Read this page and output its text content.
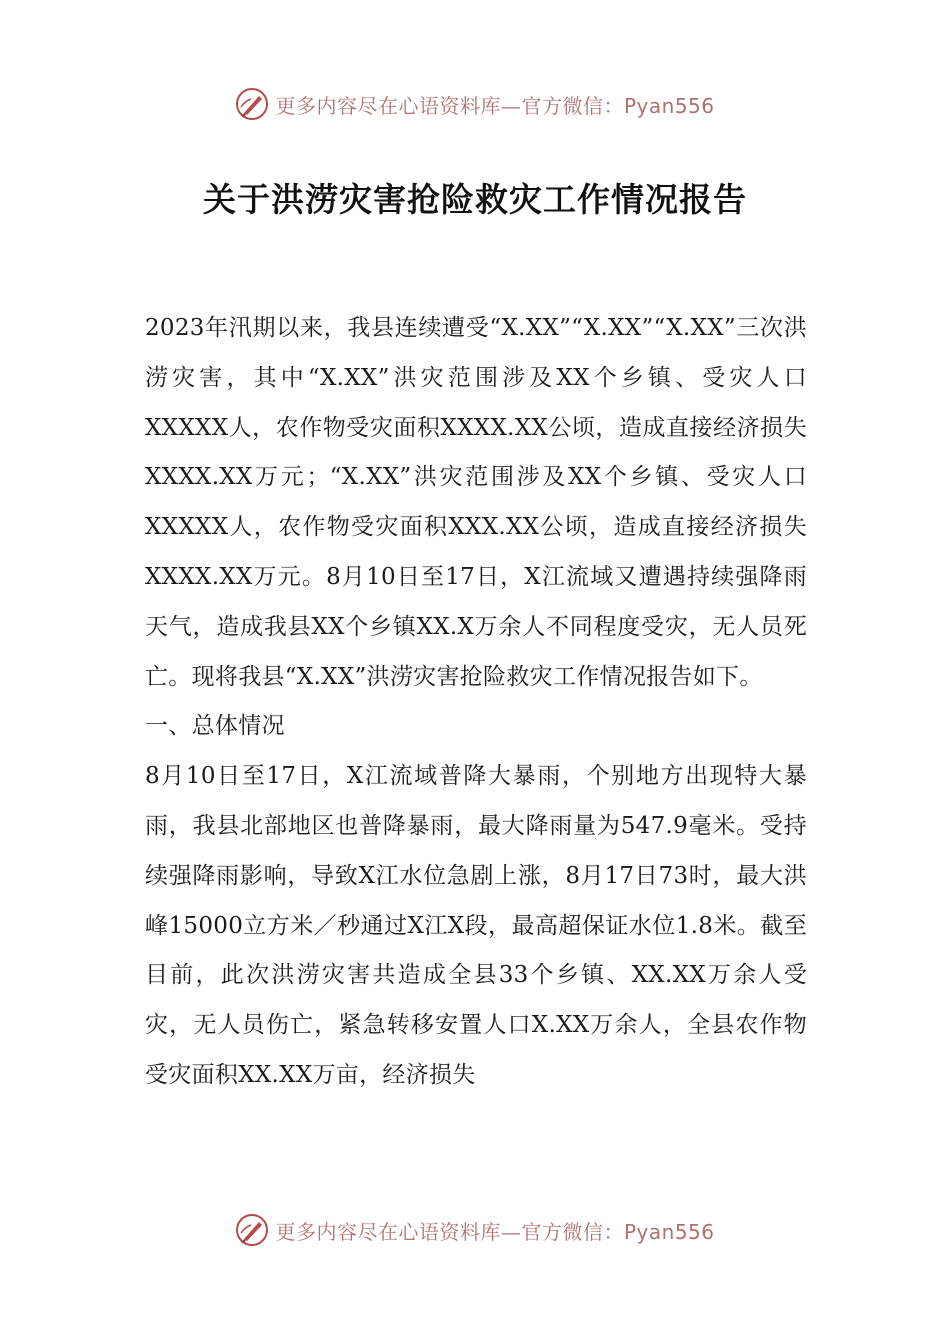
更多内容尽在心语资料库—官方微信：Pyan556
关于洪涝灾害抢险救灾工作情况报告

2023年汛期以来，我县连续遭受“X.XX”“X.XX”“X.XX”三次洪涝灾害，其中“X.XX”洪灾范围涉及XX个乡镇、受灾人口XXXXX人，农作物受灾面积XXXX.XX公顷，造成直接经济损失XXXX.XX万元；“X.XX”洪灾范围涉及XX个乡镇、受灾人口XXXXX人，农作物受灾面积XXX.XX公顷，造成直接经济损失XXXX.XX万元。8月10日至17日，X江流域又遭遇持续强降雨天气，造成我县XX个乡镇XX.X万余人不同程度受灾，无人员死亡。现将我县“X.XX”洪涝灾害抢险救灾工作情况报告如下。

一、总体情况

8月10日至17日，X江流域普降大暴雨，个别地方出现特大暴雨，我县北部地区也普降暴雨，最大降雨量为547.9毫米。受持续强降雨影响，导致X江水位急剧上涨，8月17日73时，最大洪峰15000立方米／秒通过X江X段，最高超保证水位1.8米。截至目前，此次洪涝灾害共造成全县33个乡镇、XX.XX万余人受灾，无人员伤亡，紧急转移安置人口X.XX万余人，全县农作物受灾面积XX.XX万亩，经济损失

更多内容尽在心语资料库—官方微信：Pyan556
